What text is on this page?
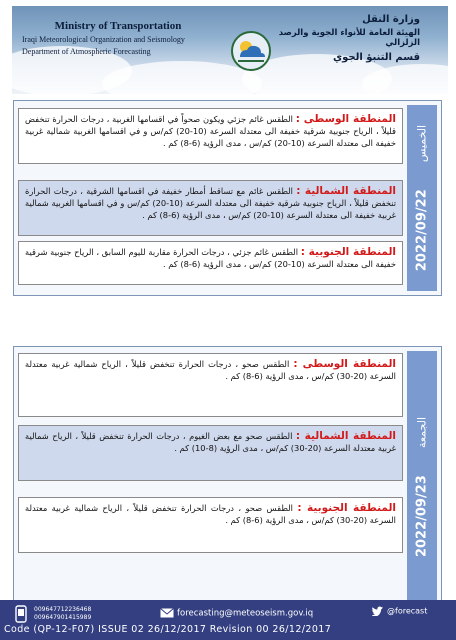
Ministry of Transportation
Iraqi Meteorological Organization and Seismology
Department of Atmospheric Forecasting
وزارة النقل
الهيئة العامة للأنواء الجوية والرصد الزلزالي
قسم التنبؤ الجوي
2022/09/22      الخميس
المنطقة الوسطى : الطقس غائم جزئي ويكون صحواً في اقسامها الغربية ، درجات الحرارة تنخفض قليلاً ، الرياح جنوبية شرقية خفيفة الى معتدلة السرعة (10-20) كم/س و في اقسامها الغربية شمالية غربية خفيفة الى معتدلة السرعة (10-20) كم/س ، مدى الرؤية (6-8) كم .
المنطقة الشمالية : الطقس غائم مع تساقط أمطار خفيفة في اقسامها الشرقية ، درجات الحرارة تنخفض قليلاً ، الرياح جنوبية شرقية خفيفة الى معتدلة السرعة (10-20) كم/س و في اقسامها الغربية شمالية غربية خفيفة الى معتدلة السرعة (10-20) كم/س ، مدى الرؤية (6-8) كم .
المنطقة الجنوبية : الطقس غائم جزئي ، درجات الحرارة مقاربة لليوم السابق ، الرياح جنوبية شرقية خفيفة الى معتدلة السرعة (10-20) كم/س ، مدى الرؤية (6-8) كم .
2022/09/23      الجمعة
المنطقة الوسطى : الطقس صحو ، درجات الحرارة تنخفض قليلاً ، الرياح شمالية غربية معتدلة السرعة (20-30) كم/س ، مدى الرؤية (6-8) كم .
المنطقة الشمالية : الطقس صحو مع بعض الغيوم ، درجات الحرارة تنخفض قليلاً ، الرياح شمالية غربية معتدلة السرعة (20-30) كم/س ، مدى الرؤية (8-10) كم .
المنطقة الجنوبية : الطقس صحو ، درجات الحرارة تنخفض قليلاً ، الرياح شمالية غربية معتدلة السرعة (20-30) كم/س ، مدى الرؤية (6-8) كم .
009647712236468
009647901415989	forecasting@meteoseism.gov.iq	@forecast
Code (QP-12-F07) ISSUE 02 26/12/2017 Revision 00 26/12/2017
